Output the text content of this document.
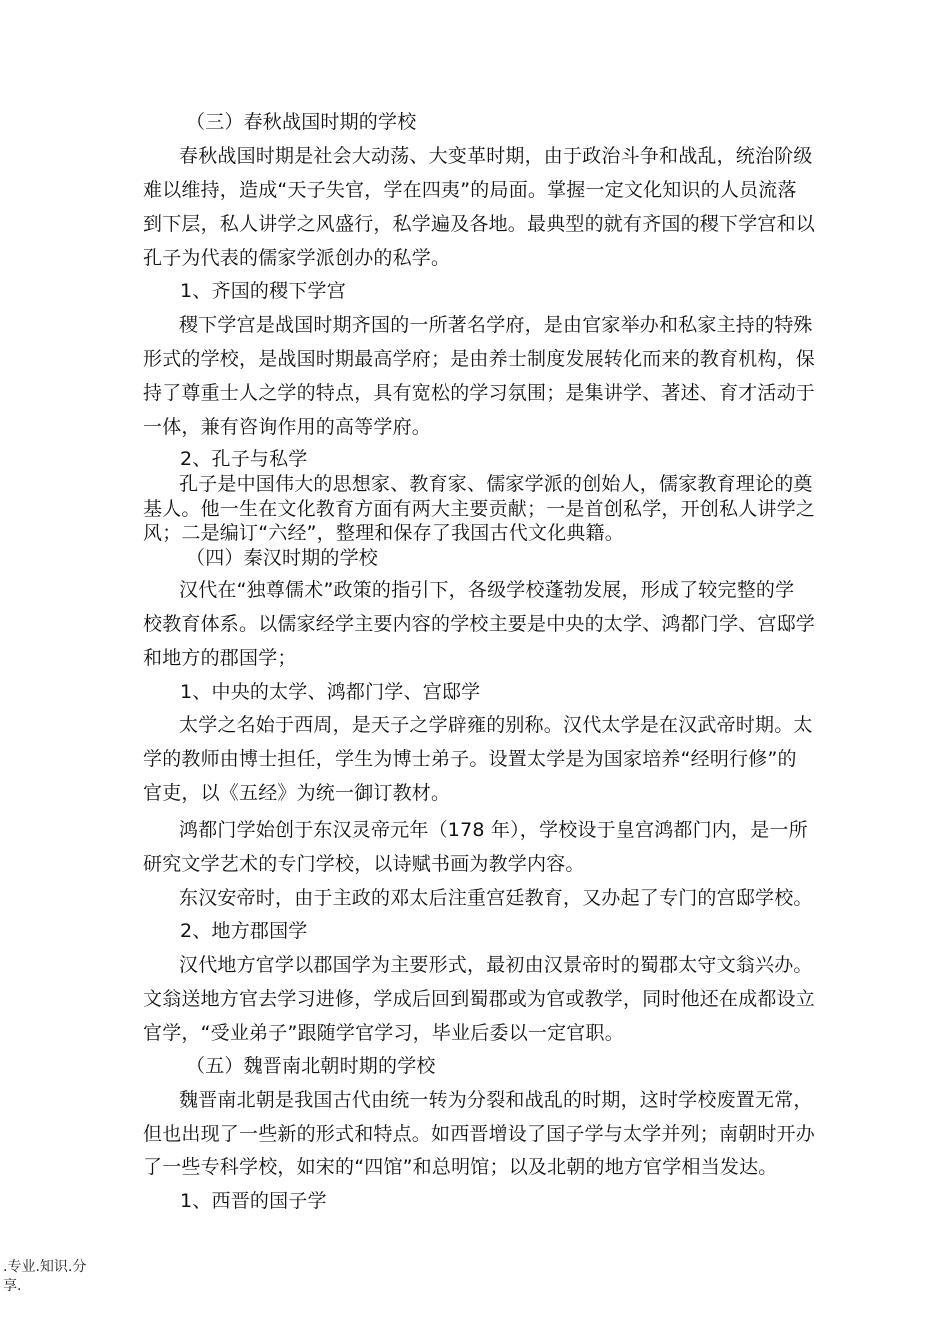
（三）春秋战国时期的学校
春秋战国时期是社会大动荡、大变革时期，由于政治斗争和战乱，统治阶级
难以维持，造成“天子失官，学在四夷”的局面。掌握一定文化知识的人员流落
到下层，私人讲学之风盛行，私学遍及各地。最典型的就有齐国的稷下学宫和以
孔子为代表的儒家学派创办的私学。
1、齐国的稷下学宫
稷下学宫是战国时期齐国的一所著名学府，是由官家举办和私家主持的特殊
形式的学校，是战国时期最高学府；是由养士制度发展转化而来的教育机构，保
持了尊重士人之学的特点，具有宽松的学习氛围；是集讲学、著述、育才活动于
一体，兼有咨询作用的高等学府。
2、孔子与私学
孔子是中国伟大的思想家、教育家、儒家学派的创始人，儒家教育理论的奠
基人。他一生在文化教育方面有两大主要贡献；一是首创私学，开创私人讲学之
风；二是编订“六经”，整理和保存了我国古代文化典籍。
（四）秦汉时期的学校
汉代在“独尊儒术”政策的指引下，各级学校蓬勃发展，形成了较完整的学
校教育体系。以儒家经学主要内容的学校主要是中央的太学、鸿都门学、宫邸学
和地方的郡国学；
1、中央的太学、鸿都门学、宫邸学
太学之名始于西周，是天子之学辟雍的别称。汉代太学是在汉武帝时期。太
学的教师由博士担任，学生为博士弟子。设置太学是为国家培养“经明行修”的
官吏，以《五经》为统一御订教材。
鸿都门学始创于东汉灵帝元年（178 年），学校设于皇宫鸿都门内，是一所
研究文学艺术的专门学校，以诗赋书画为教学内容。
东汉安帝时，由于主政的邓太后注重宫廷教育，又办起了专门的宫邸学校。
2、地方郡国学
汉代地方官学以郡国学为主要形式，最初由汉景帝时的蜀郡太守文翁兴办。
文翁送地方官去学习进修，学成后回到蜀郡或为官或教学，同时他还在成都设立
官学，“受业弟子”跟随学官学习，毕业后委以一定官职。
（五）魏晋南北朝时期的学校
魏晋南北朝是我国古代由统一转为分裂和战乱的时期，这时学校废置无常，
但也出现了一些新的形式和特点。如西晋增设了国子学与太学并列；南朝时开办
了一些专科学校，如宋的“四馆”和总明馆；以及北朝的地方官学相当发达。
1、西晋的国子学
.专业.知识.分
享.
